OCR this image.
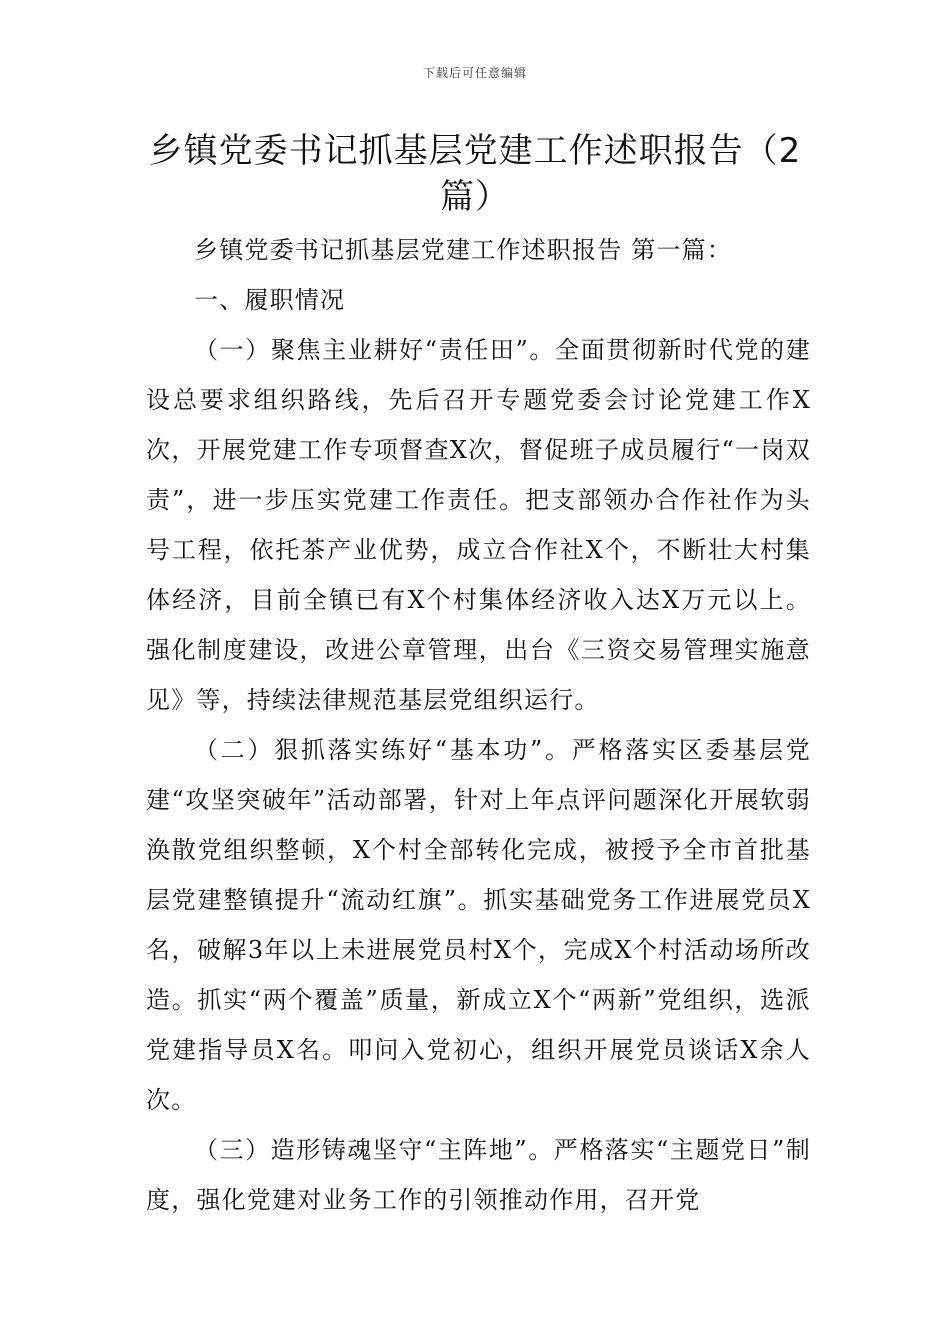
下载后可任意编辑
乡镇党委书记抓基层党建工作述职报告（2篇）

乡镇党委书记抓基层党建工作述职报告 第一篇：

一、履职情况

（一）聚焦主业耕好“责任田”。全面贯彻新时代党的建设总要求组织路线，先后召开专题党委会讨论党建工作X次，开展党建工作专项督查X次，督促班子成员履行“一岗双责”，进一步压实党建工作责任。把支部领办合作社作为头号工程，依托茶产业优势，成立合作社X个，不断壮大村集体经济，目前全镇已有X个村集体经济收入达X万元以上。强化制度建设，改进公章管理，出台《三资交易管理实施意见》等，持续法律规范基层党组织运行。

（二）狠抓落实练好“基本功”。严格落实区委基层党建“攻坚突破年”活动部署，针对上年点评问题深化开展软弱涣散党组织整顿，X个村全部转化完成，被授予全市首批基层党建整镇提升“流动红旗”。抓实基础党务工作进展党员X名，破解3年以上未进展党员村X个，完成X个村活动场所改造。抓实“两个覆盖”质量，新成立X个“两新”党组织，选派党建指导员X名。叩问入党初心，组织开展党员谈话X余人次。

（三）造形铸魂坚守“主阵地”。严格落实“主题党日”制度，强化党建对业务工作的引领推动作用，召开党
